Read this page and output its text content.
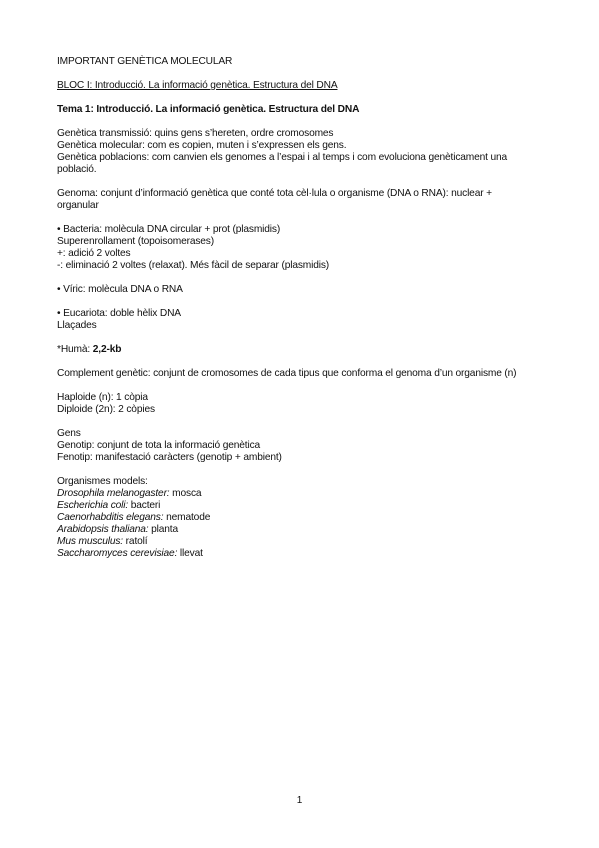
IMPORTANT GENÈTICA MOLECULAR
BLOC I: Introducció. La informació genètica. Estructura del DNA
Tema 1: Introducció. La informació genètica. Estructura del DNA
Genètica transmissió: quins gens s’hereten, ordre cromosomes
Genètica molecular: com es copien, muten i s’expressen els gens.
Genètica poblacions: com canvien els genomes a l’espai i al temps i com evoluciona genèticament una població.
Genoma: conjunt d’informació genètica que conté tota cèl·lula o organisme (DNA o RNA): nuclear + organular
• Bacteria: molècula DNA circular + prot (plasmidis)
Superenrollament (topoisomerases)
+: adició 2 voltes
-: eliminació 2 voltes (relaxat). Més fàcil de separar (plasmidis)
• Víric: molècula DNA o RNA
• Eucariota: doble hèlix DNA
Llaçades
*Humà: 2,2-kb
Complement genètic: conjunt de cromosomes de cada tipus que conforma el genoma d’un organisme (n)
Haploide (n): 1 còpia
Diploide (2n): 2 còpies
Gens
Genotip: conjunt de tota la informació genètica
Fenotip: manifestació caràcters (genotip + ambient)
Organismes models:
Drosophila melanogaster: mosca
Escherichia coli: bacteri
Caenorhabditis elegans: nematode
Arabidopsis thaliana: planta
Mus musculus: ratolí
Saccharomyces cerevisiae: llevat
1
